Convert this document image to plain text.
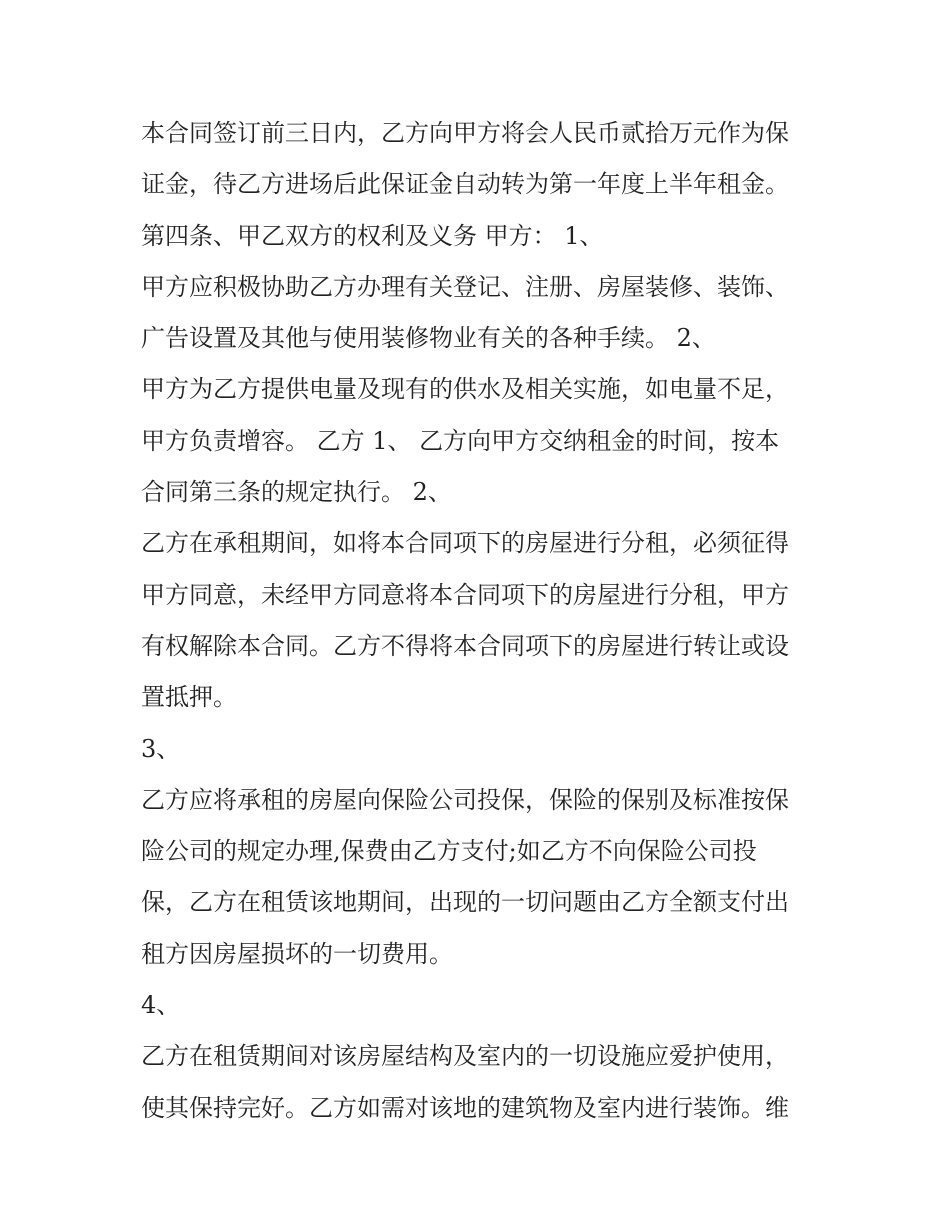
本合同签订前三日内，乙方向甲方将会人民币贰拾万元作为保
证金，待乙方进场后此保证金自动转为第一年度上半年租金。
第四条、甲乙双方的权利及义务 甲方： 1、
甲方应积极协助乙方办理有关登记、注册、房屋装修、装饰、
广告设置及其他与使用装修物业有关的各种手续。 2、
甲方为乙方提供电量及现有的供水及相关实施，如电量不足，
甲方负责增容。 乙方 1、 乙方向甲方交纳租金的时间，按本
合同第三条的规定执行。 2、
乙方在承租期间，如将本合同项下的房屋进行分租，必须征得
甲方同意，未经甲方同意将本合同项下的房屋进行分租，甲方
有权解除本合同。乙方不得将本合同项下的房屋进行转让或设
置抵押。
3、
乙方应将承租的房屋向保险公司投保，保险的保别及标准按保
险公司的规定办理,保费由乙方支付;如乙方不向保险公司投
保，乙方在租赁该地期间，出现的一切问题由乙方全额支付出
租方因房屋损坏的一切费用。
4、
乙方在租赁期间对该房屋结构及室内的一切设施应爱护使用，
使其保持完好。乙方如需对该地的建筑物及室内进行装饰。维
